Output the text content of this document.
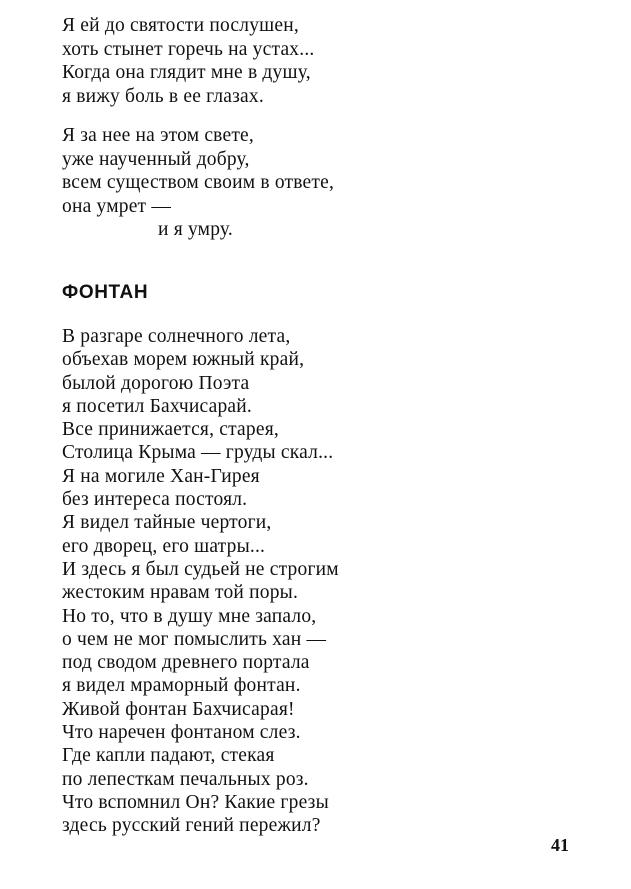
Я ей до святости послушен,
хоть стынет горечь на устах...
Когда она глядит мне в душу,
я вижу боль в ее глазах.
Я за нее на этом свете,
уже наученный добру,
всем существом своим в ответе,
она умрет —
и я умру.
ФОНТАН
В разгаре солнечного лета,
объехав морем южный край,
былой дорогою Поэта
я посетил Бахчисарай.
Все принижается, старея,
Столица Крыма — груды скал...
Я на могиле Хан-Гирея
без интереса постоял.
Я видел тайные чертоги,
его дворец, его шатры...
И здесь я был судьей не строгим
жестоким нравам той поры.
Но то, что в душу мне запало,
о чем не мог помыслить хан —
под сводом древнего портала
я видел мраморный фонтан.
Живой фонтан Бахчисарая!
Что наречен фонтаном слез.
Где капли падают, стекая
по лепесткам печальных роз.
Что вспомнил Он? Какие грезы
здесь русский гений пережил?

41
